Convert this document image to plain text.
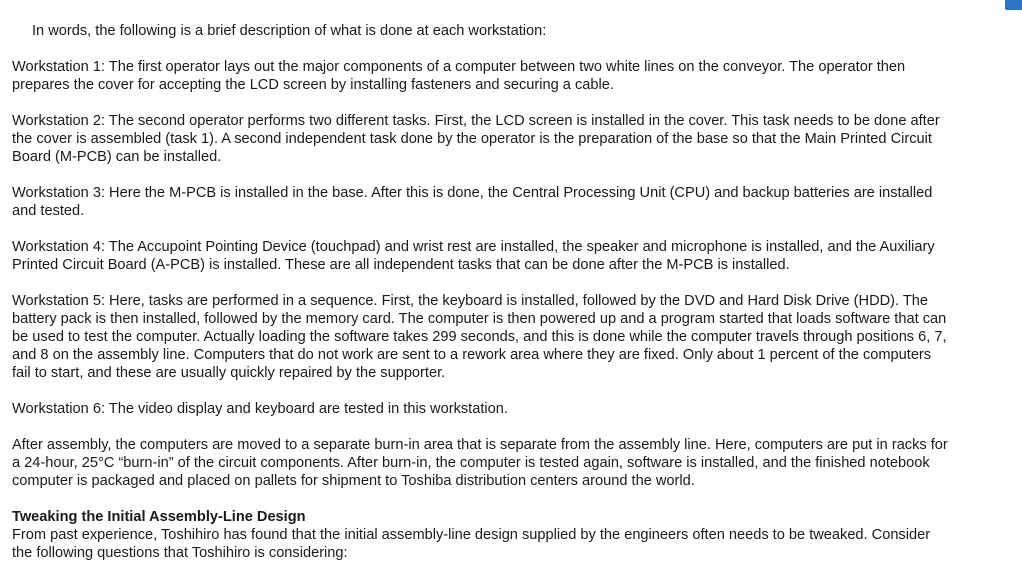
In words, the following is a brief description of what is done at each workstation:

Workstation 1: The first operator lays out the major components of a computer between two white lines on the conveyor. The operator then prepares the cover for accepting the LCD screen by installing fasteners and securing a cable.

Workstation 2: The second operator performs two different tasks. First, the LCD screen is installed in the cover. This task needs to be done after the cover is assembled (task 1). A second independent task done by the operator is the preparation of the base so that the Main Printed Circuit Board (M-PCB) can be installed.

Workstation 3: Here the M-PCB is installed in the base. After this is done, the Central Processing Unit (CPU) and backup batteries are installed and tested.

Workstation 4: The Accupoint Pointing Device (touchpad) and wrist rest are installed, the speaker and microphone is installed, and the Auxiliary Printed Circuit Board (A-PCB) is installed. These are all independent tasks that can be done after the M-PCB is installed.

Workstation 5: Here, tasks are performed in a sequence. First, the keyboard is installed, followed by the DVD and Hard Disk Drive (HDD). The battery pack is then installed, followed by the memory card. The computer is then powered up and a program started that loads software that can be used to test the computer. Actually loading the software takes 299 seconds, and this is done while the computer travels through positions 6, 7, and 8 on the assembly line. Computers that do not work are sent to a rework area where they are fixed. Only about 1 percent of the computers fail to start, and these are usually quickly repaired by the supporter.

Workstation 6: The video display and keyboard are tested in this workstation.

After assembly, the computers are moved to a separate burn-in area that is separate from the assembly line. Here, computers are put in racks for a 24-hour, 25°C “burn-in” of the circuit components. After burn-in, the computer is tested again, software is installed, and the finished notebook computer is packaged and placed on pallets for shipment to Toshiba distribution centers around the world.

Tweaking the Initial Assembly-Line Design
From past experience, Toshihiro has found that the initial assembly-line design supplied by the engineers often needs to be tweaked. Consider the following questions that Toshihiro is considering:
